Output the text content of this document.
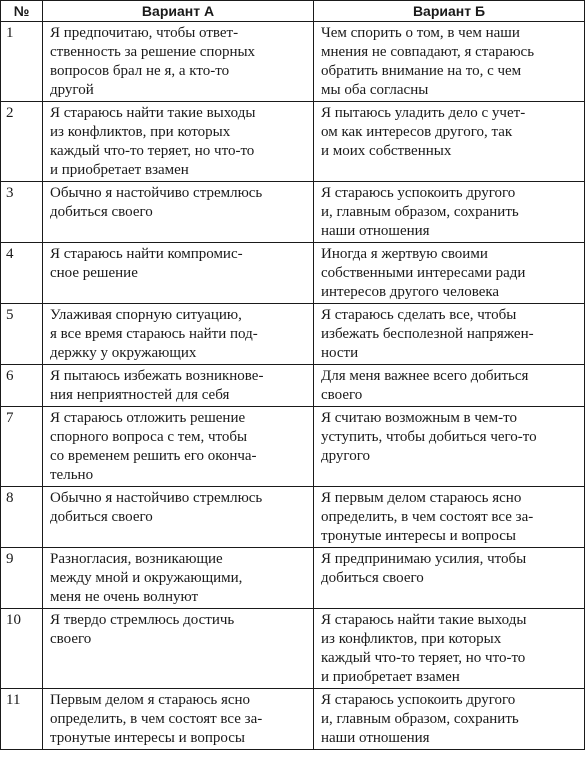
№	Вариант А	Вариант Б
1	Я предпочитаю, чтобы ответ-
ственность за решение спорных
вопросов брал не я, а кто-то
другой	Чем спорить о том, в чем наши
мнения не совпадают, я стараюсь
обратить внимание на то, с чем
мы оба согласны
2	Я стараюсь найти такие выходы
из конфликтов, при которых
каждый что-то теряет, но что-то
и приобретает взамен	Я пытаюсь уладить дело с учет-
ом как интересов другого, так
и моих собственных
3	Обычно я настойчиво стремлюсь
добиться своего	Я стараюсь успокоить другого
и, главным образом, сохранить
наши отношения
4	Я стараюсь найти компромис-
сное решение	Иногда я жертвую своими
собственными интересами ради
интересов другого человека
5	Улаживая спорную ситуацию,
я все время стараюсь найти под-
держку у окружающих	Я стараюсь сделать все, чтобы
избежать бесполезной напряжен-
ности
6	Я пытаюсь избежать возникнове-
ния неприятностей для себя	Для меня важнее всего добиться
своего
7	Я стараюсь отложить решение
спорного вопроса с тем, чтобы
со временем решить его оконча-
тельно	Я считаю возможным в чем-то
уступить, чтобы добиться чего-то
другого
8	Обычно я настойчиво стремлюсь
добиться своего	Я первым делом стараюсь ясно
определить, в чем состоят все за-
тронутые интересы и вопросы
9	Разногласия, возникающие
между мной и окружающими,
меня не очень волнуют	Я предпринимаю усилия, чтобы
добиться своего
10	Я твердо стремлюсь достичь
своего	Я стараюсь найти такие выходы
из конфликтов, при которых
каждый что-то теряет, но что-то
и приобретает взамен
11	Первым делом я стараюсь ясно
определить, в чем состоят все за-
тронутые интересы и вопросы	Я стараюсь успокоить другого
и, главным образом, сохранить
наши отношения
